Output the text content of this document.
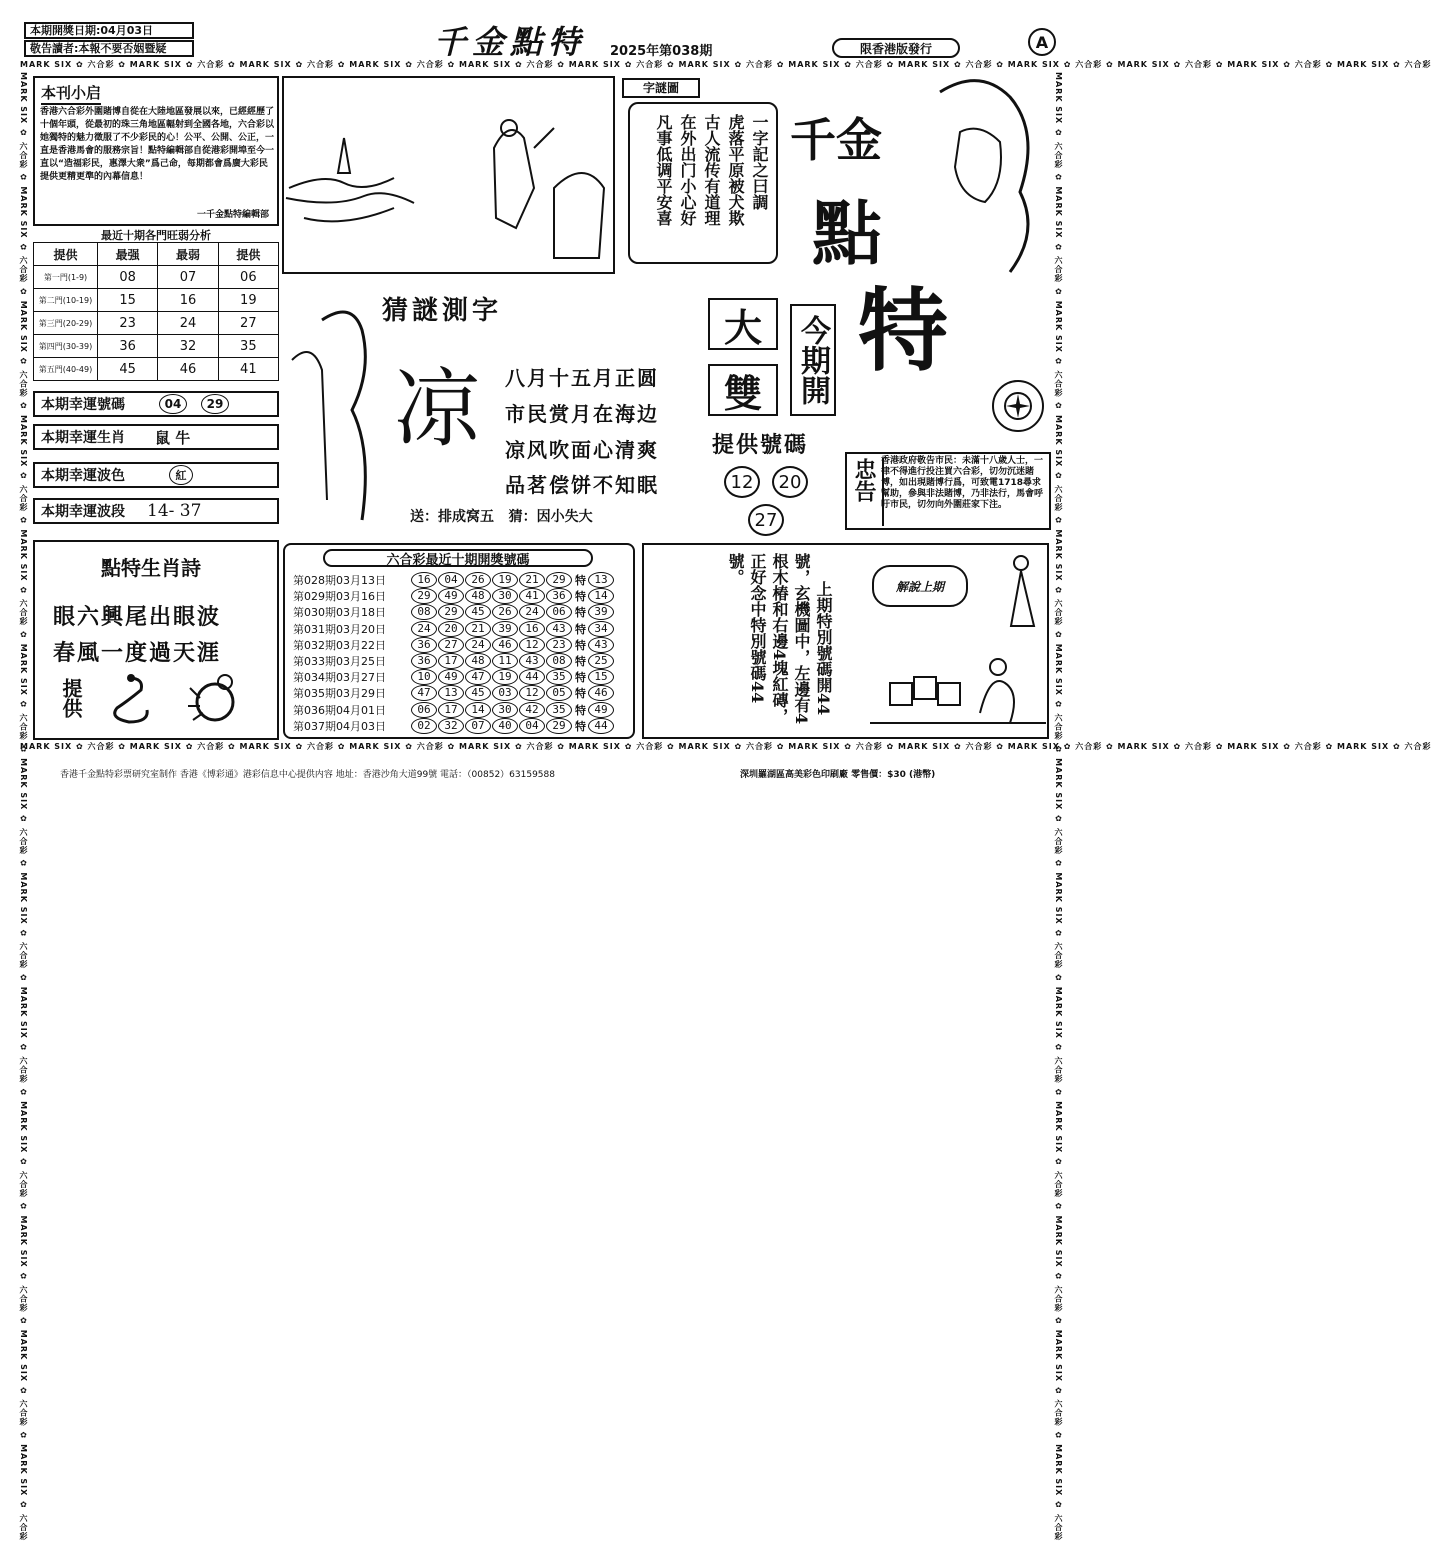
MARK SIX ✿ 六合彩 ✿ MARK SIX ✿ 六合彩 ✿ MARK SIX ✿ 六合彩 ✿ MARK SIX ✿ 六合彩 ✿ MARK SIX ✿ 六合彩 ✿ MARK SIX ✿ 六合彩 ✿ MARK SIX ✿ 六合彩 ✿ MARK SIX ✿ 六合彩 ✿ MARK SIX ✿ 六合彩 ✿ MARK SIX ✿ 六合彩 ✿ MARK SIX ✿ 六合彩 ✿ MARK SIX ✿ 六合彩 ✿ MARK SIX ✿ 六合彩
MARK SIX ✿ 六合彩 ✿ MARK SIX ✿ 六合彩 ✿ MARK SIX ✿ 六合彩 ✿ MARK SIX ✿ 六合彩 ✿ MARK SIX ✿ 六合彩 ✿ MARK SIX ✿ 六合彩 ✿ MARK SIX ✿ 六合彩 ✿ MARK SIX ✿ 六合彩 ✿ MARK SIX ✿ 六合彩 ✿ MARK SIX ✿ 六合彩 ✿ MARK SIX ✿ 六合彩 ✿ MARK SIX ✿ 六合彩 ✿ MARK SIX ✿ 六合彩
MARK SIX ✿ 六合彩 ✿ MARK SIX ✿ 六合彩 ✿ MARK SIX ✿ 六合彩 ✿ MARK SIX ✿ 六合彩 ✿ MARK SIX ✿ 六合彩 ✿ MARK SIX ✿ 六合彩 ✿ MARK SIX ✿ 六合彩 ✿ MARK SIX ✿ 六合彩 ✿ MARK SIX ✿ 六合彩 ✿ MARK SIX ✿ 六合彩 ✿ MARK SIX ✿ 六合彩 ✿ MARK SIX ✿ 六合彩 ✿ MARK SIX ✿ 六合彩	MARK SIX ✿ 六合彩 ✿ MARK SIX ✿ 六合彩 ✿ MARK SIX ✿ 六合彩 ✿ MARK SIX ✿ 六合彩 ✿ MARK SIX ✿ 六合彩 ✿ MARK SIX ✿ 六合彩 ✿ MARK SIX ✿ 六合彩 ✿ MARK SIX ✿ 六合彩 ✿ MARK SIX ✿ 六合彩 ✿ MARK SIX ✿ 六合彩 ✿ MARK SIX ✿ 六合彩 ✿ MARK SIX ✿ 六合彩 ✿ MARK SIX ✿ 六合彩
本期開獎日期:04月03日
敬告讀者:本報不要否姻暨疑	千金點特	2025年第038期	限香港版發行	A
本刊小启
香港六合彩外圍賭博自從在大陸地區發展以來，已經經歷了十個年頭，從最初的珠三角地區輻射到全國各地，六合彩以她獨特的魅力徵服了不少彩民的心！公平、公開、公正，一直是香港馬會的服務宗旨！點特編輯部自從港彩開埠至今一直以“造福彩民，惠澤大衆”爲己命，每期都會爲廣大彩民提供更精更準的內幕信息！
一千金點特編輯部
最近十期各門旺弱分析
提供	最强	最弱	提供
第一門(1-9)	08	07	06
第二門(10-19)	15	16	19
第三門(20-29)	23	24	27
第四門(30-39)	36	32	35
第五門(40-49)	45	46	41
本期幸運號碼	04	29
本期幸運生肖 鼠 牛
本期幸運波色	紅
本期幸運波段 14- 37
字謎圖
一字記之曰調
虎落平原被犬欺
古人流传有道理
在外出门小心好
凡事低调平安喜	千金
點
特
猜謎測字
凉 八月十五月正圆
市民赏月在海边
凉风吹面心清爽
品茗偿饼不知眠
送：排成窝五   猜：因小失大
大
雙	今期開
提供號碼
12	20
27
忠告 香港政府敬告市民：未滿十八歲人士，一律不得進行投注買六合彩，切勿沉迷賭博，如出現賭博行爲，可致電1718尋求幫助，參與非法賭博，乃非法行，馬會呼吁市民，切勿向外圍莊家下注。
點特生肖詩
眼六興尾出眼波
春風一度過天涯
提供
六合彩最近十期開獎號碼
第028期03月13日	16	04	26	19	21	29 特 13
第029期03月16日	29	49	48	30	41	36 特 14
第030期03月18日	08	29	45	26	24	06 特 39
第031期03月20日	24	20	21	39	16	43 特 34
第032期03月22日	36	27	24	46	12	23 特 43
第033期03月25日	36	17	48	11	43	08 特 25
第034期03月27日	10	49	47	19	44	35 特 15
第035期03月29日	47	13	45	03	12	05 特 46
第036期04月01日	06	17	14	30	42	35 特 49
第037期04月03日	02	32	07	40	04	29 特 44
上期特別號碼開44
號，玄機圖中，左邊有4
根木椿和右邊4塊紅磚，
正好念中特別號碼44
號。
解說上期
香港千金點特彩票研究室制作 香港《博彩通》港彩信息中心提供内容 地址：香港沙角大道99號 電話：（00852）63159588	深圳羅湖區高美彩色印刷廠 零售價：$30 (港幣)
